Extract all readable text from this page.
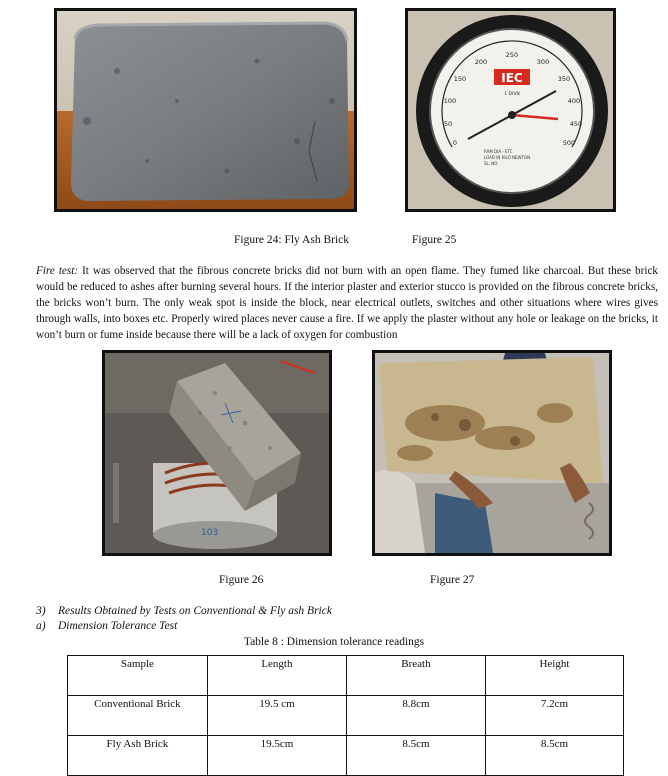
0
50
100
150
200
250
300
350
400
450
500
IEC
1 DIVN
RAM DIA.- ETC
LOAD IN KILO NEWTON
SL. NO.
Figure 24: Fly Ash Brick	Figure 25
Fire test: It was observed that the fibrous concrete bricks did not burn with an open flame. They fumed like charcoal. But these brick would be reduced to ashes after burning several hours. If the interior plaster and exterior stucco is provided on the fibrous concrete bricks, the bricks won’t burn. The only weak spot is inside the block, near electrical outlets, switches and other situations where wires gives through walls, into boxes etc. Properly wired places never cause a fire. If we apply the plaster without any hole or leakage on the bricks, it won’t burn or fume inside because there will be a lack of oxygen for combustion
103
Figure 26	Figure 27
3) Results Obtained by Tests on Conventional & Fly ash Brick
a) Dimension Tolerance Test
Table 8 : Dimension tolerance readings
Sample	Length	Breath	Height
Conventional Brick	19.5 cm	8.8cm	7.2cm
Fly Ash Brick	19.5cm	8.5cm	8.5cm
